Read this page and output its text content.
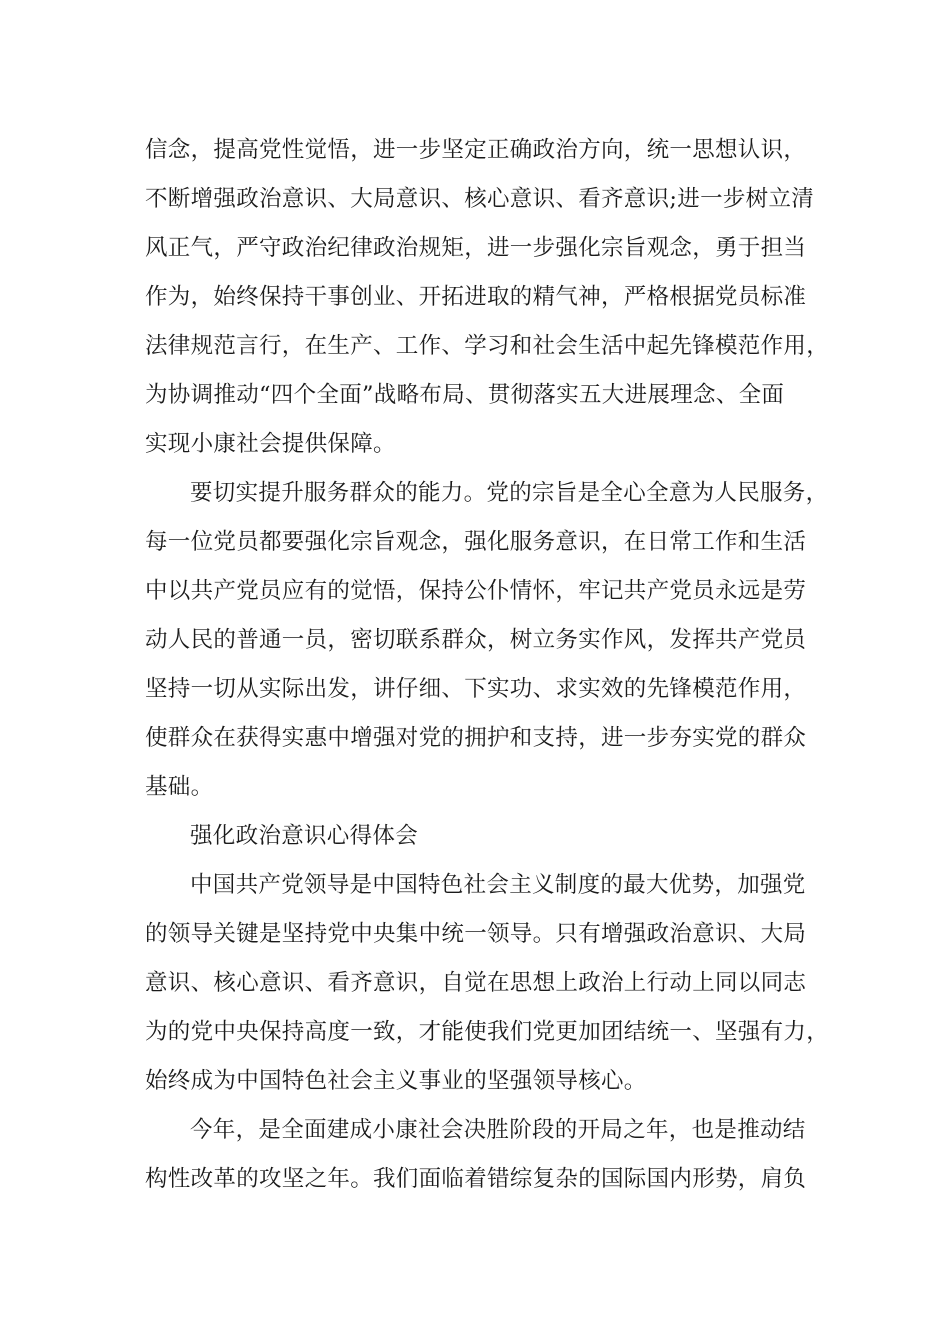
信念，提高党性觉悟，进一步坚定正确政治方向，统一思想认识，
不断增强政治意识、大局意识、核心意识、看齐意识;进一步树立清
风正气，严守政治纪律政治规矩，进一步强化宗旨观念，勇于担当
作为，始终保持干事创业、开拓进取的精气神，严格根据党员标准
法律规范言行，在生产、工作、学习和社会生活中起先锋模范作用，
为协调推动“四个全面”战略布局、贯彻落实五大进展理念、全面
实现小康社会提供保障。
要切实提升服务群众的能力。党的宗旨是全心全意为人民服务，
每一位党员都要强化宗旨观念，强化服务意识，在日常工作和生活
中以共产党员应有的觉悟，保持公仆情怀，牢记共产党员永远是劳
动人民的普通一员，密切联系群众，树立务实作风，发挥共产党员
坚持一切从实际出发，讲仔细、下实功、求实效的先锋模范作用，
使群众在获得实惠中增强对党的拥护和支持，进一步夯实党的群众
基础。
强化政治意识心得体会
中国共产党领导是中国特色社会主义制度的最大优势，加强党
的领导关键是坚持党中央集中统一领导。只有增强政治意识、大局
意识、核心意识、看齐意识，自觉在思想上政治上行动上同以同志
为的党中央保持高度一致，才能使我们党更加团结统一、坚强有力，
始终成为中国特色社会主义事业的坚强领导核心。
今年，是全面建成小康社会决胜阶段的开局之年，也是推动结
构性改革的攻坚之年。我们面临着错综复杂的国际国内形势，肩负
